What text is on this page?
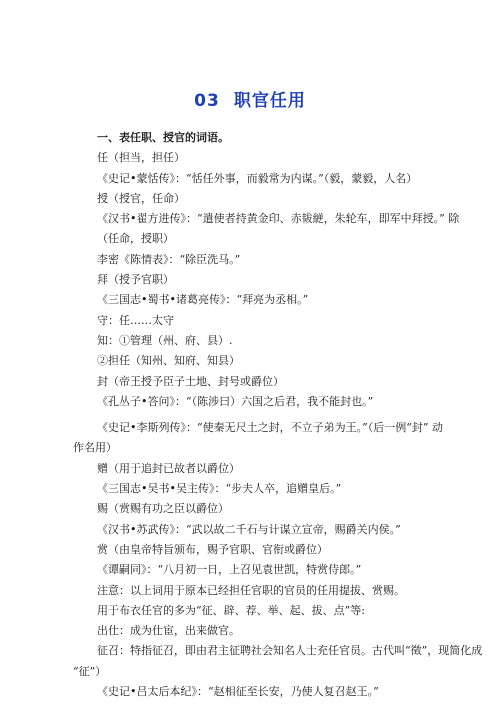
03 职官任用
一、表任职、授官的词语。
任（担当，担任）
《史记•蒙恬传》：“恬任外事，而毅常为内谋。”（毅，蒙毅，人名）
授（授官，任命）
《汉书•翟方进传》：“遣使者持黄金印、赤韨縌，朱轮车，即军中拜授。” 除
（任命，授职）
李密《陈情表》：“除臣洗马。”
拜（授予官职）
《三国志•蜀书•诸葛亮传》：“拜亮为丞相。”
守：任……太守
知：①管理（州、府、县）.
②担任（知州、知府、知县）
封（帝王授予臣子土地、封号或爵位）
《孔丛子•答问》：“（陈涉曰）六国之后君，我不能封也。”
《史记•李斯列传》：“使秦无尺土之封，不立子弟为王。”（后一例“封” 动
作名用）
赠（用于追封已故者以爵位）
《三国志•吴书•吴主传》：“步夫人卒，追赠皇后。”
赐（赏赐有功之臣以爵位）
《汉书•苏武传》：“武以故二千石与计谋立宣帝，赐爵关内侯。”
赏（由皇帝特旨颁布，赐予官职、官衔或爵位）
《谭嗣同》：“八月初一日，上召见袁世凯，特赏侍郎。”
注意：以上词用于原本已经担任官职的官员的任用提拔、赏赐。
用于布衣任官的多为“征、辟、荐、举、起、拔、点”等:
出仕：成为仕宦，出来做官。
征召：特指征召，即由君主征聘社会知名人士充任官员。古代叫“徵”，现简化成
“征”）
《史记•吕太后本纪》：“赵相征至长安，乃使人复召赵王。”
